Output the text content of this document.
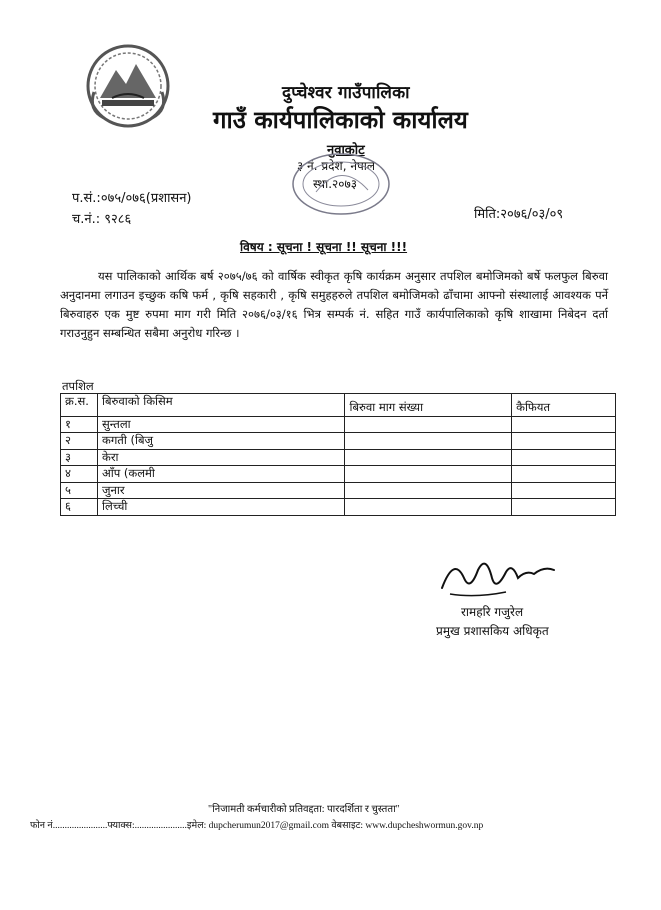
दुप्चेश्वर गाउँपालिका
गाउँ कार्यपालिकाको कार्यालय
नुवाकोट
३ नं. प्रदेश, नेपाल
स्था.२०७३
प.सं.:०७५/०७६(प्रशासन)
च.नं.: ९२८६	मिति:२०७६/०३/०९
विषय : सूचना ! सूचना !! सूचना !!!

यस पालिकाको आर्थिक बर्ष २०७५/७६ को वार्षिक स्वीकृत कृषि कार्यक्रम अनुसार तपशिल बमोजिमको बर्षे फलफुल बिरुवा अनुदानमा लगाउन इच्छुक कषि फर्म , कृषि सहकारी , कृषि समुहहरुले तपशिल बमोजिमको ढाँचामा आफ्नो संस्थालाई आवश्यक पर्ने बिरुवाहरु एक मुष्ट रुपमा माग गरी मिति २०७६/०३/१६ भित्र सम्पर्क नं. सहित गाउँ कार्यपालिकाको कृषि शाखामा निबेदन दर्ता गराउनुहुन सम्बन्धित सबैमा अनुरोध गरिन्छ ।

तपशिल
क्र.स.	बिरुवाको किसिम	बिरुवा माग संख्या	कैफियत
१	सुन्तला		
२	कगती (बिजु		
३	केरा		
४	आँप (कलमी		
५	जुनार		
६	लिच्ची		
रामहरि गजुरेल
प्रमुख प्रशासकिय अधिकृत
"निजामती कर्मचारीको प्रतिवद्दता: पारदर्शिता र चुस्तता"
फोन नं.......................फ्याक्स:......................इमेल: dupcherumun2017@gmail.com वेबसाइट: www.dupcheshwormun.gov.np
